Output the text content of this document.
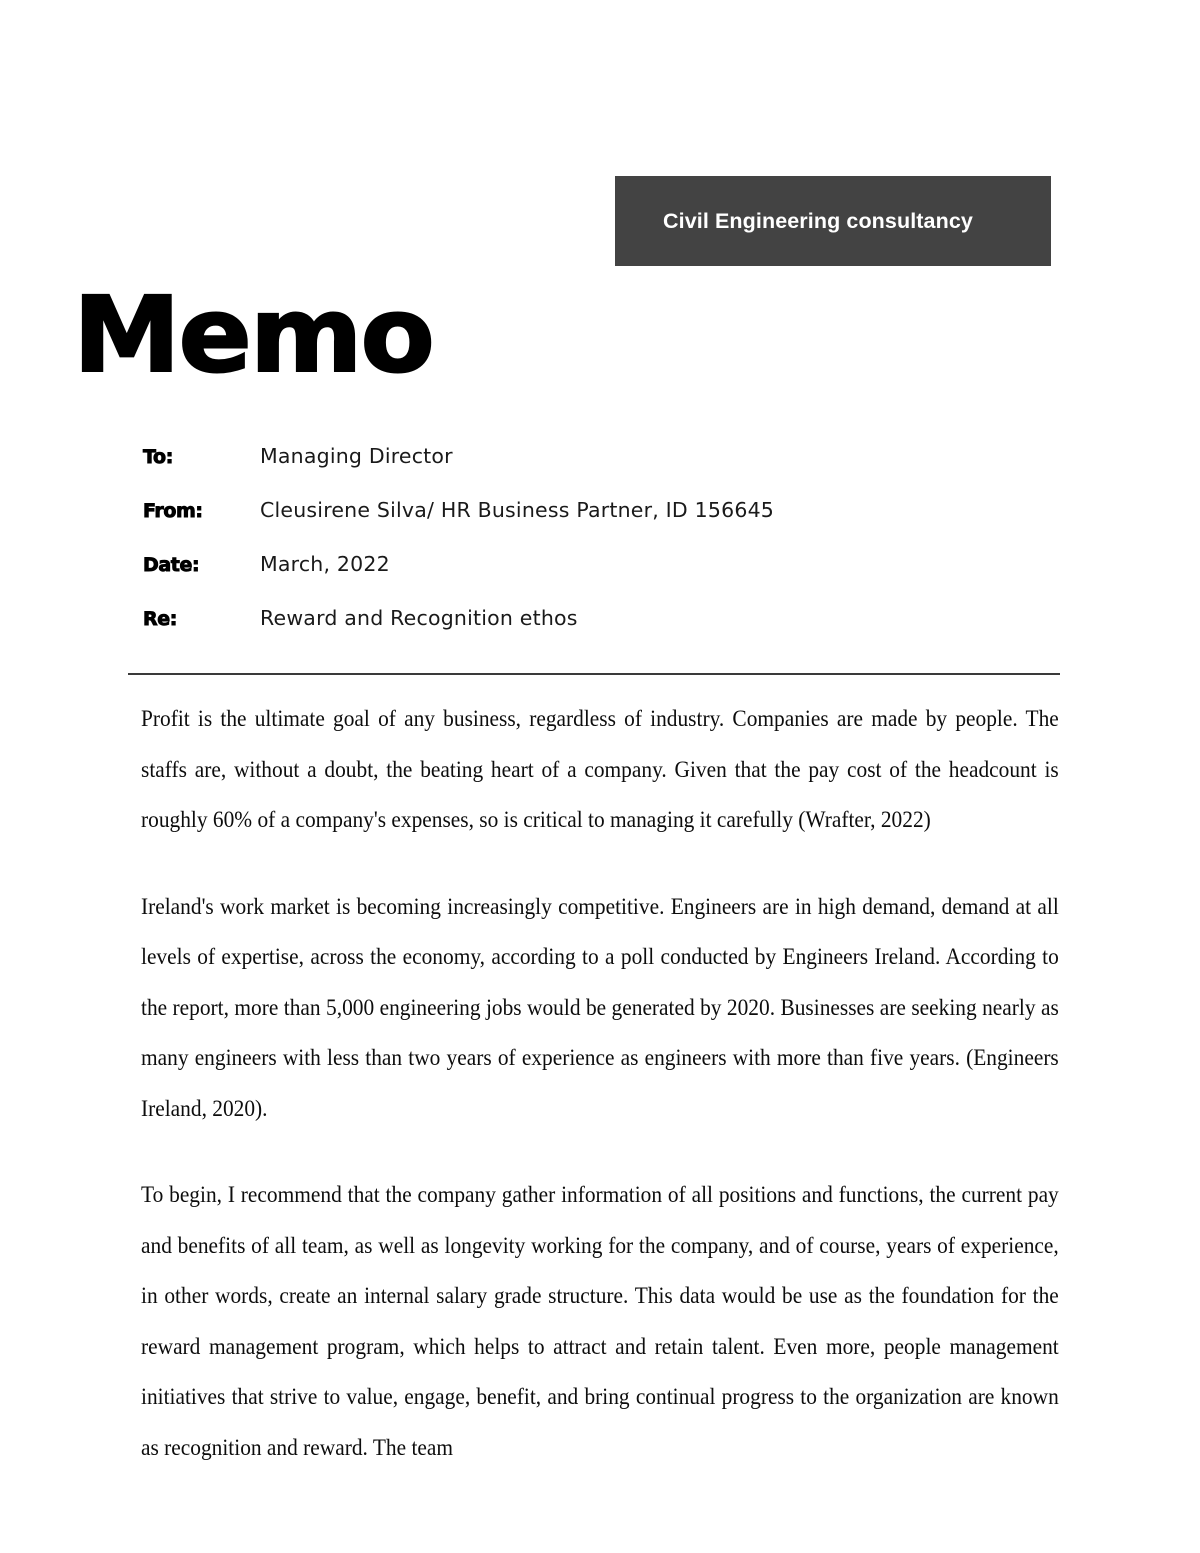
Civil Engineering consultancy
Memo
To:	Managing Director
From:	Cleusirene Silva/ HR Business Partner, ID 156645
Date:	March, 2022
Re:	Reward and Recognition ethos

Profit is the ultimate goal of any business, regardless of industry. Companies are made by people. The staffs are, without a doubt, the beating heart of a company. Given that the pay cost of the headcount is roughly 60% of a company's expenses, so is critical to managing it carefully (Wrafter, 2022)

Ireland's work market is becoming increasingly competitive. Engineers are in high demand, demand at all levels of expertise, across the economy, according to a poll conducted by Engineers Ireland. According to the report, more than 5,000 engineering jobs would be generated by 2020. Businesses are seeking nearly as many engineers with less than two years of experience as engineers with more than five years. (Engineers Ireland, 2020).

To begin, I recommend that the company gather information of all positions and functions, the current pay and benefits of all team, as well as longevity working for the company, and of course, years of experience, in other words, create an internal salary grade structure. This data would be use as the foundation for the reward management program, which helps to attract and retain talent. Even more, people management initiatives that strive to value, engage, benefit, and bring continual progress to the organization are known as recognition and reward. The team
